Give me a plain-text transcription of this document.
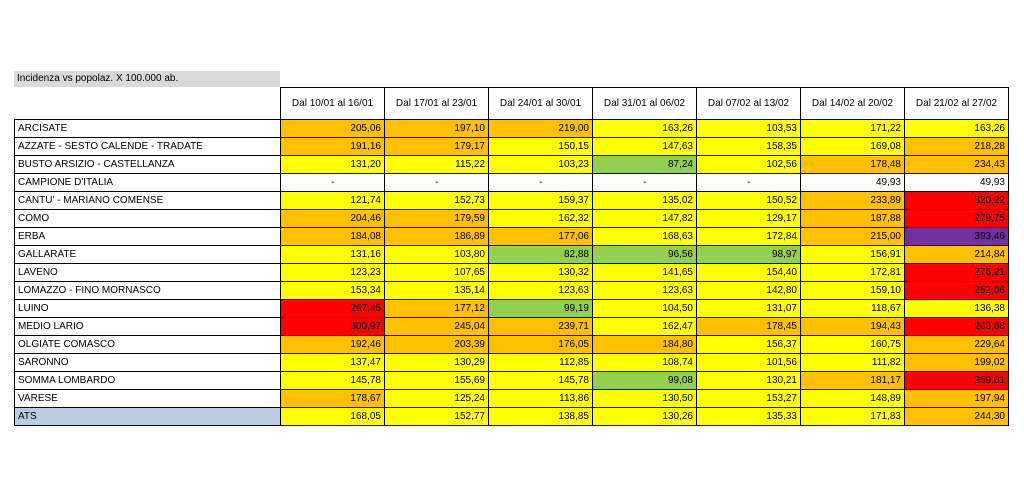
Incidenza vs popolaz. X 100.000 ab.
	Dal 10/01 al 16/01	Dal 17/01 al 23/01	Dal 24/01 al 30/01	Dal 31/01 al 06/02	Dal 07/02 al 13/02	Dal 14/02 al 20/02	Dal 21/02 al 27/02
ARCISATE	205,06	197,10	219,00	163,26	103,53	171,22	163,26
AZZATE - SESTO CALENDE - TRADATE	191,16	179,17	150,15	147,63	158,35	169,08	218,28
BUSTO ARSIZIO - CASTELLANZA	131,20	115,22	103,23	87,24	102,56	178,48	234,43
CAMPIONE D'ITALIA	-	-	-	-	-	49,93	49,93
CANTU' - MARIANO COMENSE	121,74	152,73	159,37	135,02	150,52	233,89	320,22
COMO	204,46	179,59	162,32	147,82	129,17	187,88	279,75
ERBA	184,08	186,89	177,06	168,63	172,84	215,00	393,46
GALLARATE	131,16	103,80	82,88	96,56	98,97	156,91	214,84
LAVENO	123,23	107,65	130,32	141,65	154,40	172,81	276,21
LOMAZZO - FINO MORNASCO	153,34	135,14	123,63	123,63	142,80	159,10	252,06
LUINO	267,45	177,12	99,19	104,50	131,07	118,67	136,38
MEDIO LARIO	300,97	245,04	239,71	162,47	178,45	194,43	263,68
OLGIATE COMASCO	192,46	203,39	176,05	184,80	156,37	160,75	229,64
SARONNO	137,47	130,29	112,85	108,74	101,56	111,82	199,02
SOMMA LOMBARDO	145,78	155,69	145,78	99,08	130,21	181,17	259,01
VARESE	178,67	125,24	113,86	130,50	153,27	148,89	197,94
ATS	168,05	152,77	138,85	130,26	135,33	171,83	244,30
